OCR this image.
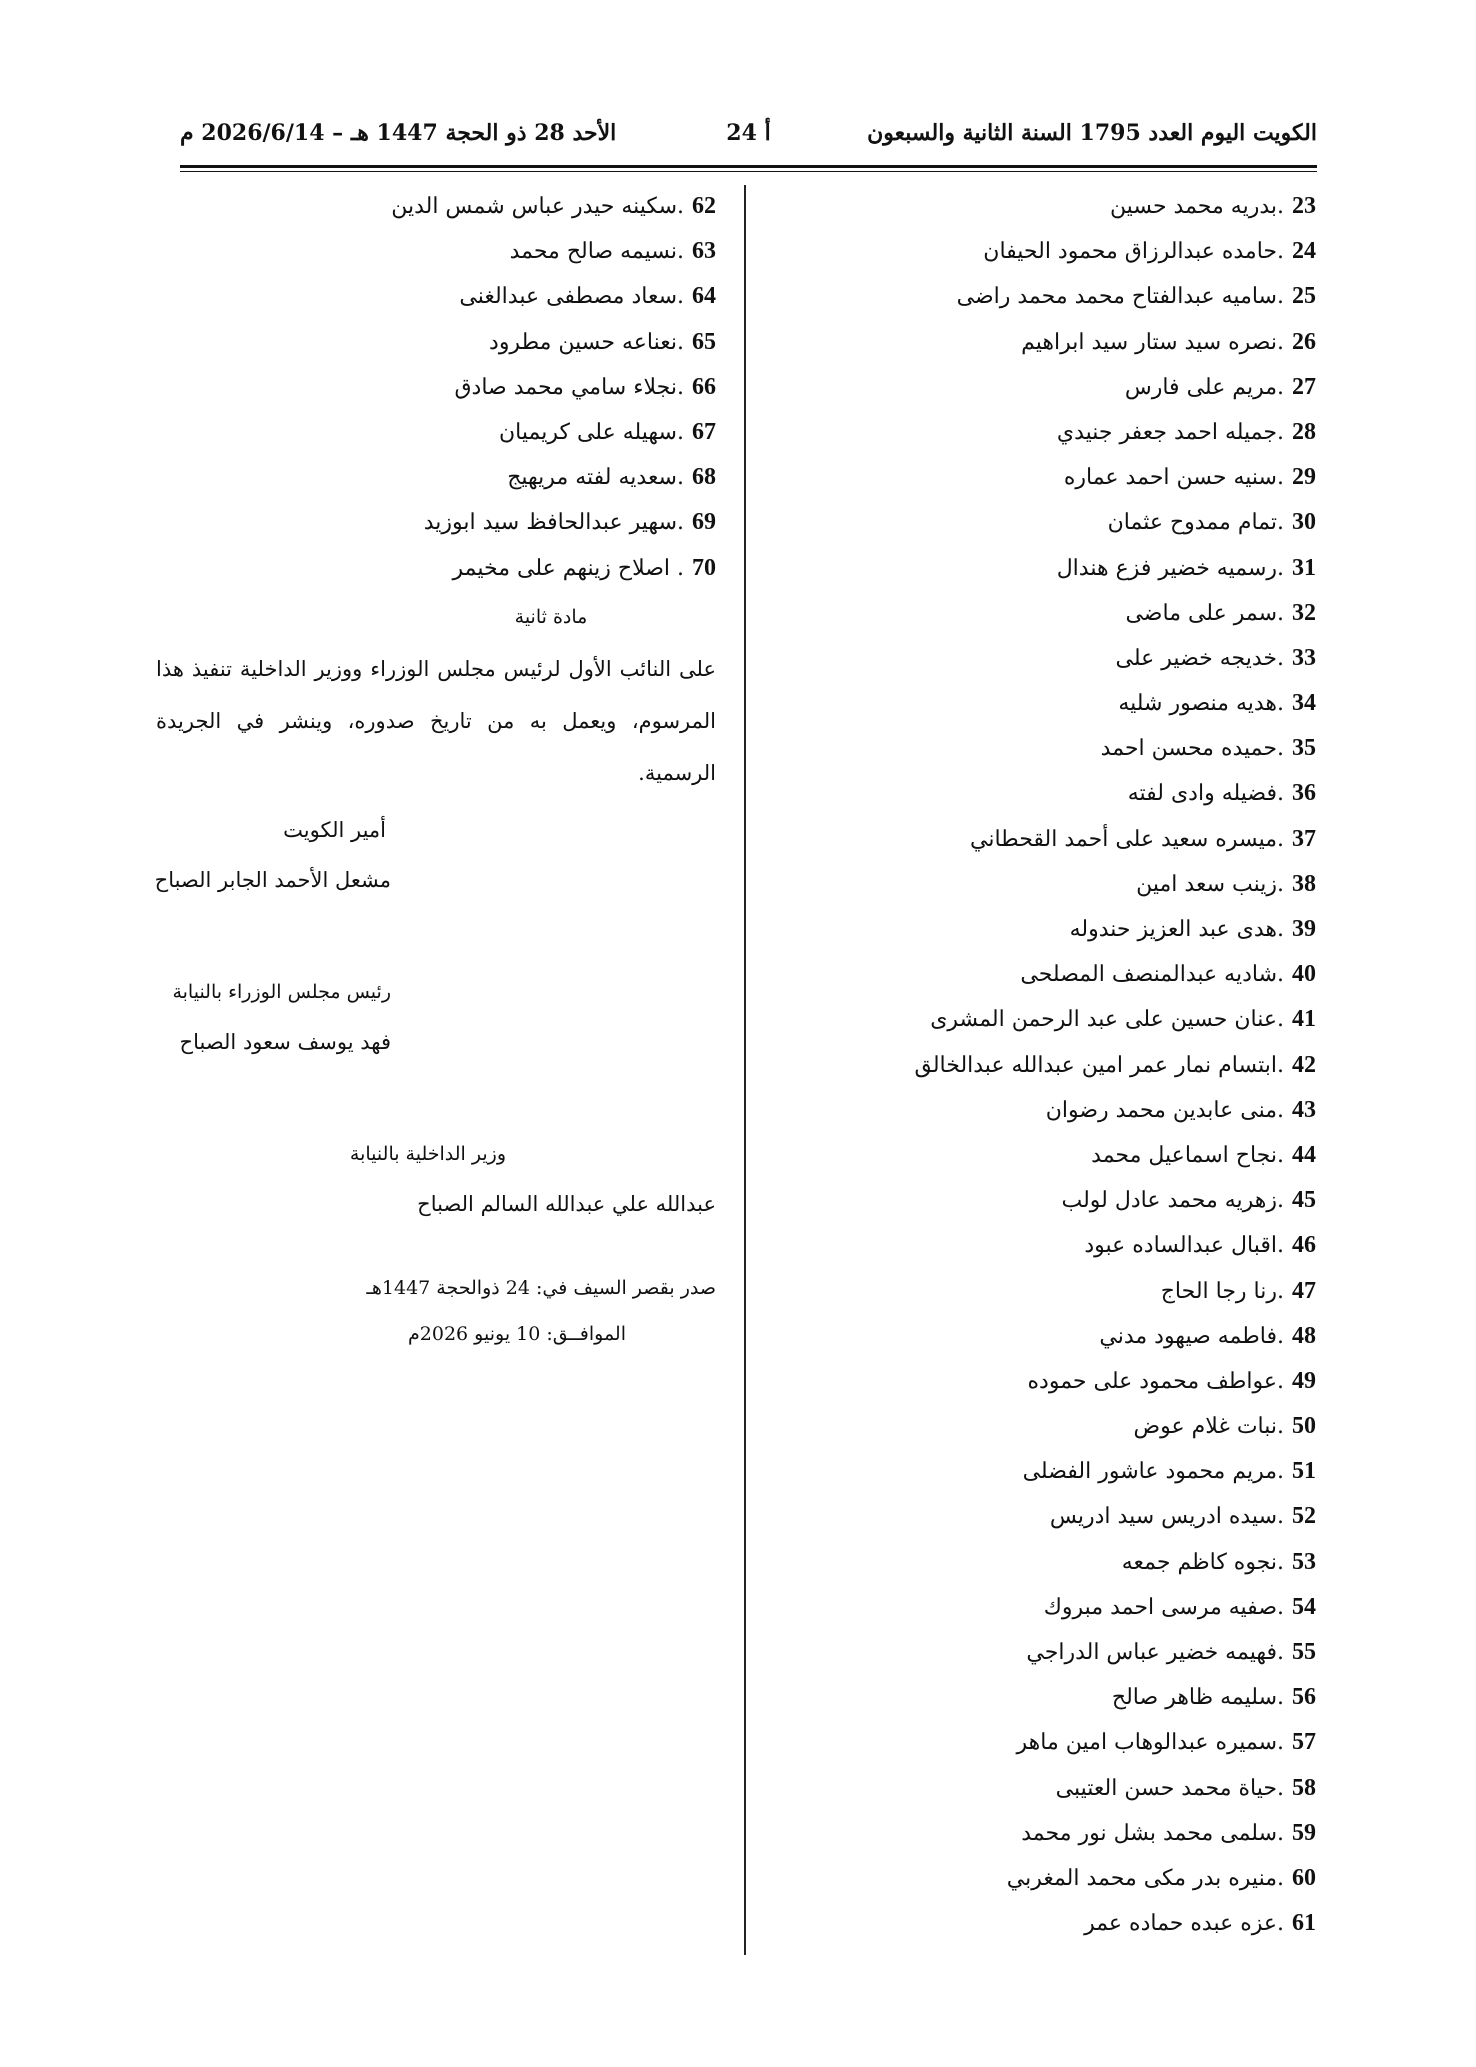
الكويت اليوم العدد 1795 السنة الثانية والسبعون
أ 24
الأحد 28 ذو الحجة 1447 هـ – 2026/6/14 م
23.بدريه محمد حسين
24.حامده عبدالرزاق محمود الحيفان
25.ساميه عبدالفتاح محمد محمد راضى
26.نصره سيد ستار سيد ابراهيم
27.مريم على فارس
28.جميله احمد جعفر جنيدي
29.سنيه حسن احمد عماره
30.تمام ممدوح عثمان
31.رسميه خضير فزع هندال
32.سمر على ماضى
33.خديجه خضير على
34.هديه منصور شليه
35.حميده محسن احمد
36.فضيله وادى لفته
37.ميسره سعيد على أحمد القحطاني
38.زينب سعد امين
39.هدى عبد العزيز حندوله
40.شاديه عبدالمنصف المصلحى
41.عنان حسين على عبد الرحمن المشرى
42.ابتسام نمار عمر امين عبدالله عبدالخالق
43.منى عابدين محمد رضوان
44.نجاح اسماعيل محمد
45.زهريه محمد عادل لولب
46.اقبال عبدالساده عبود
47.رنا رجا الحاج
48.فاطمه صيهود مدني
49.عواطف محمود على حموده
50.نبات غلام عوض
51.مريم محمود عاشور الفضلى
52.سيده ادريس سيد ادريس
53.نجوه كاظم جمعه
54.صفيه مرسى احمد مبروك
55.فهيمه خضير عباس الدراجي
56.سليمه ظاهر صالح
57.سميره عبدالوهاب امين ماهر
58.حياة محمد حسن العتيبى
59.سلمى محمد بشل نور محمد
60.منيره بدر مكى محمد المغربي
61.عزه عبده حماده عمر
62.سكينه حيدر عباس شمس الدين
63.نسيمه صالح محمد
64.سعاد مصطفى عبدالغنى
65.نعناعه حسين مطرود
66.نجلاء سامي محمد صادق
67.سهيله على كريميان
68.سعديه لفته مريهيج
69.سهير عبدالحافظ سيد ابوزيد
70. اصلاح زينهم على مخيمر
مادة ثانية
على النائب الأول لرئيس مجلس الوزراء ووزير الداخلية تنفيذ هذا المرسوم، ويعمل به من تاريخ صدوره، وينشر في الجريدة الرسمية.
أمير الكويت
مشعل الأحمد الجابر الصباح
رئيس مجلس الوزراء بالنيابة
فهد يوسف سعود الصباح
وزير الداخلية بالنيابة
عبدالله علي عبدالله السالم الصباح
صدر بقصر السيف في: 24 ذوالحجة 1447هـ
الموافــق: 10 يونيو 2026م
